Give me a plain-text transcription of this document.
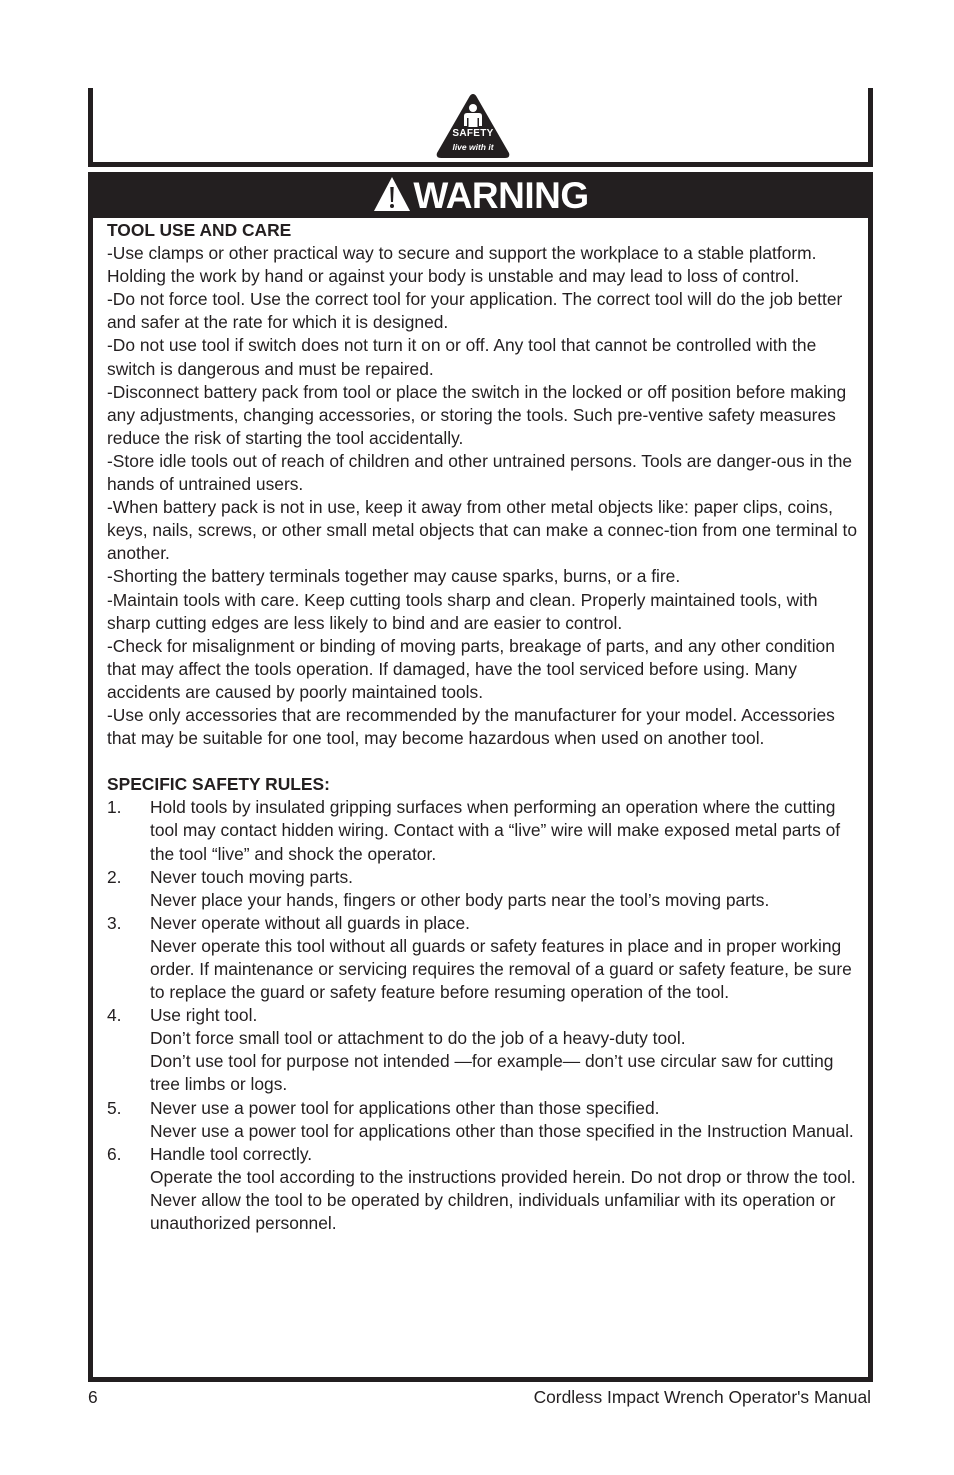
SAFETY
live with it
WARNING
TOOL USE AND CARE

-Use clamps or other practical way to secure and support the workplace to a stable platform. Holding the work by hand or against your body is unstable and may lead to loss of control.

-Do not force tool. Use the correct tool for your application. The correct tool will do the job better and safer at the rate for which it is designed.

-Do not use tool if switch does not turn it on or off. Any tool that cannot be controlled with the switch is dangerous and must be repaired.

-Disconnect battery pack from tool or place the switch in the locked or off position before making any adjustments, changing accessories, or storing the tools. Such pre-ventive safety measures reduce the risk of starting the tool accidentally.

-Store idle tools out of reach of children and other untrained persons. Tools are danger-ous in the hands of untrained users.

-When battery pack is not in use, keep it away from other metal objects like: paper clips, coins, keys, nails, screws, or other small metal objects that can make a connec-tion from one terminal to another.

-Shorting the battery terminals together may cause sparks, burns, or a fire.

-Maintain tools with care. Keep cutting tools sharp and clean. Properly maintained tools, with sharp cutting edges are less likely to bind and are easier to control.

-Check for misalignment or binding of moving parts, breakage of parts, and any other condition that may affect the tools operation. If damaged, have the tool serviced before using. Many accidents are caused by poorly maintained tools.

-Use only accessories that are recommended by the manufacturer for your model. Accessories that may be suitable for one tool, may become hazardous when used on another tool.

SPECIFIC SAFETY RULES:
1.	Hold tools by insulated gripping surfaces when performing an operation where the cutting tool may contact hidden wiring. Contact with a “live” wire will make exposed metal parts of the tool “live” and shock the operator.
2.	Never touch moving parts.
Never place your hands, fingers or other body parts near the tool’s moving parts.
3.	Never operate without all guards in place.
Never operate this tool without all guards or safety features in place and in proper working order. If maintenance or servicing requires the removal of a guard or safety feature, be sure to replace the guard or safety feature before resuming operation of the tool.
4.	Use right tool.
Don’t force small tool or attachment to do the job of a heavy-duty tool.
Don’t use tool for purpose not intended —for example— don’t use circular saw for cutting tree limbs or logs.
5.	Never use a power tool for applications other than those specified.
Never use a power tool for applications other than those specified in the Instruction Manual.
6.	Handle tool correctly.
Operate the tool according to the instructions provided herein. Do not drop or throw the tool. Never allow the tool to be operated by children, individuals unfamiliar with its operation or unauthorized personnel.
6	Cordless Impact Wrench Operator's Manual
